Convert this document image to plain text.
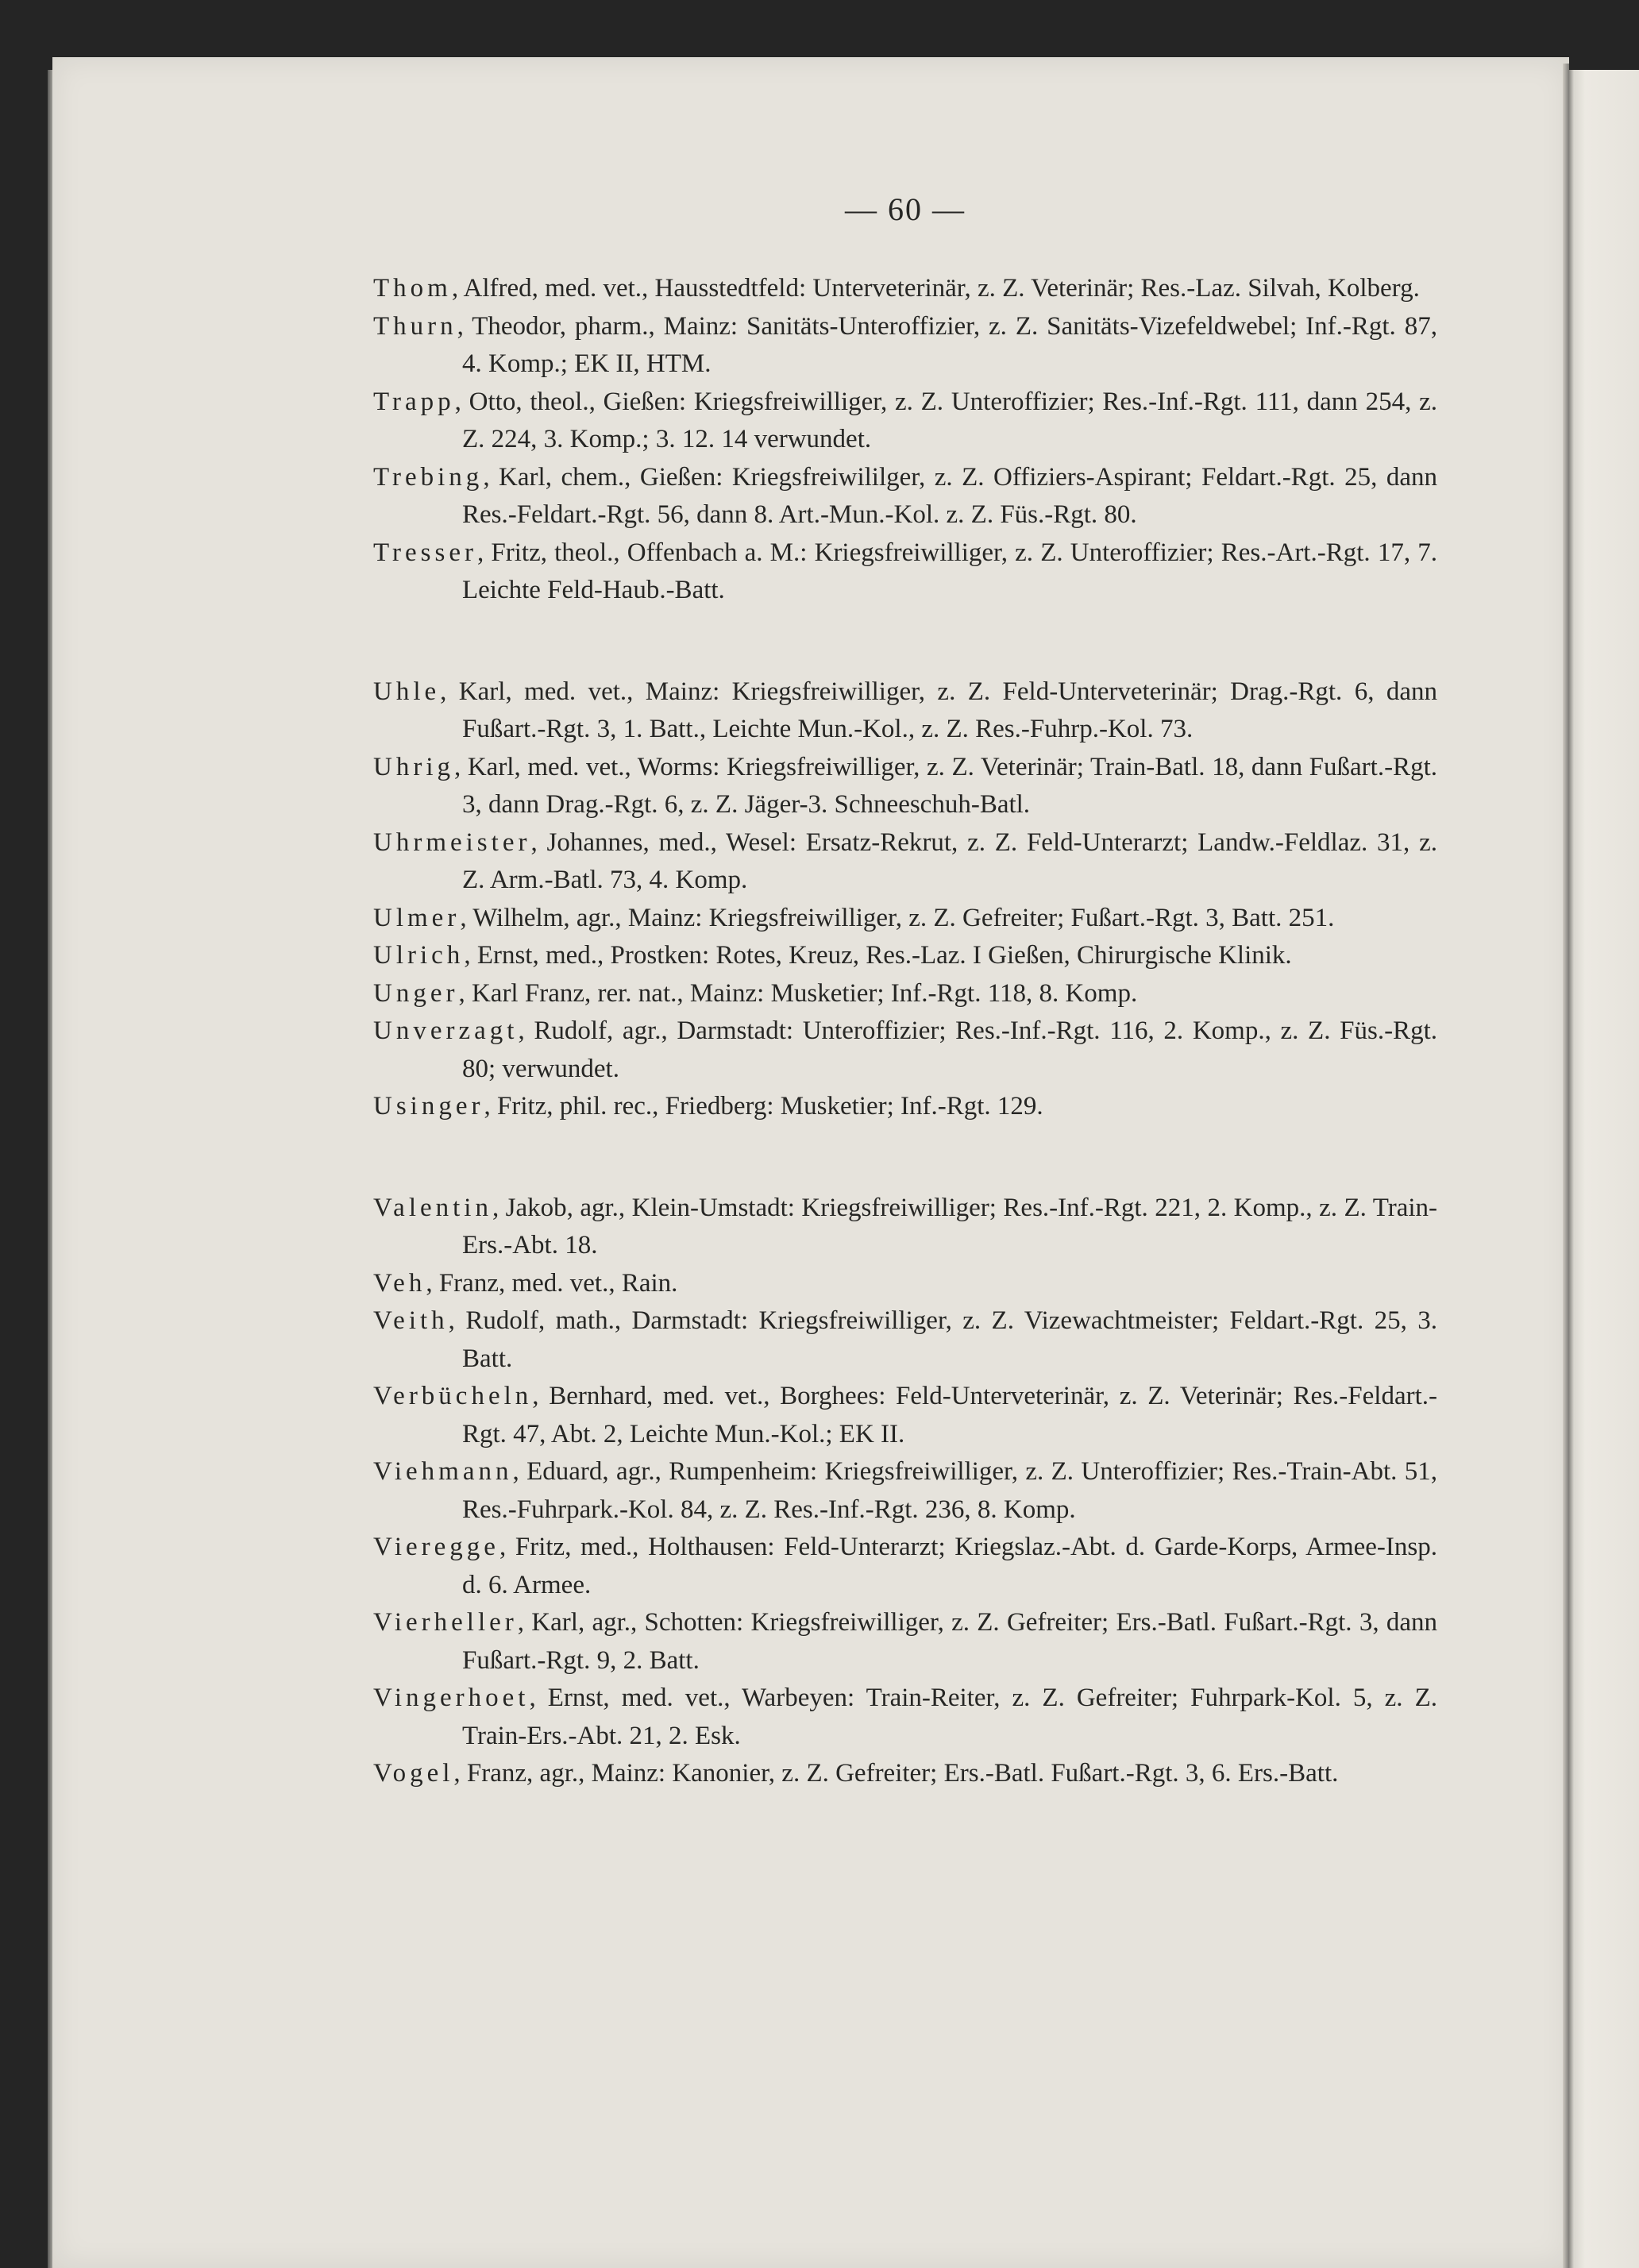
— 60 —

Thom, Alfred, med. vet., Hausstedtfeld: Unterveterinär, z. Z. Veterinär; Res.-Laz. Silvah, Kolberg.

Thurn, Theodor, pharm., Mainz: Sanitäts-Unteroffizier, z. Z. Sanitäts-Vizefeldwebel; Inf.-Rgt. 87, 4. Komp.; EK II, HTM.

Trapp, Otto, theol., Gießen: Kriegsfreiwilliger, z. Z. Unteroffizier; Res.-Inf.-Rgt. 111, dann 254, z. Z. 224, 3. Komp.; 3. 12. 14 verwundet.

Trebing, Karl, chem., Gießen: Kriegsfreiwililger, z. Z. Offiziers-Aspirant; Feldart.-Rgt. 25, dann Res.-Feldart.-Rgt. 56, dann 8. Art.-Mun.-Kol. z. Z. Füs.-Rgt. 80.

Tresser, Fritz, theol., Offenbach a. M.: Kriegsfreiwilliger, z. Z. Unteroffizier; Res.-Art.-Rgt. 17, 7. Leichte Feld-Haub.-Batt.

Uhle, Karl, med. vet., Mainz: Kriegsfreiwilliger, z. Z. Feld-Unterveterinär; Drag.-Rgt. 6, dann Fußart.-Rgt. 3, 1. Batt., Leichte Mun.-Kol., z. Z. Res.-Fuhrp.-Kol. 73.

Uhrig, Karl, med. vet., Worms: Kriegsfreiwilliger, z. Z. Veterinär; Train-Batl. 18, dann Fußart.-Rgt. 3, dann Drag.-Rgt. 6, z. Z. Jäger-3. Schneeschuh-Batl.

Uhrmeister, Johannes, med., Wesel: Ersatz-Rekrut, z. Z. Feld-Unterarzt; Landw.-Feldlaz. 31, z. Z. Arm.-Batl. 73, 4. Komp.

Ulmer, Wilhelm, agr., Mainz: Kriegsfreiwilliger, z. Z. Gefreiter; Fußart.-Rgt. 3, Batt. 251.

Ulrich, Ernst, med., Prostken: Rotes, Kreuz, Res.-Laz. I Gießen, Chirurgische Klinik.

Unger, Karl Franz, rer. nat., Mainz: Musketier; Inf.-Rgt. 118, 8. Komp.

Unverzagt, Rudolf, agr., Darmstadt: Unteroffizier; Res.-Inf.-Rgt. 116, 2. Komp., z. Z. Füs.-Rgt. 80; verwundet.

Usinger, Fritz, phil. rec., Friedberg: Musketier; Inf.-Rgt. 129.

Valentin, Jakob, agr., Klein-Umstadt: Kriegsfreiwilliger; Res.-Inf.-Rgt. 221, 2. Komp., z. Z. Train-Ers.-Abt. 18.

Veh, Franz, med. vet., Rain.

Veith, Rudolf, math., Darmstadt: Kriegsfreiwilliger, z. Z. Vizewachtmeister; Feldart.-Rgt. 25, 3. Batt.

Verbücheln, Bernhard, med. vet., Borghees: Feld-Unterveterinär, z. Z. Veterinär; Res.-Feldart.-Rgt. 47, Abt. 2, Leichte Mun.-Kol.; EK II.

Viehmann, Eduard, agr., Rumpenheim: Kriegsfreiwilliger, z. Z. Unteroffizier; Res.-Train-Abt. 51, Res.-Fuhrpark.-Kol. 84, z. Z. Res.-Inf.-Rgt. 236, 8. Komp.

Vieregge, Fritz, med., Holthausen: Feld-Unterarzt; Kriegslaz.-Abt. d. Garde-Korps, Armee-Insp. d. 6. Armee.

Vierheller, Karl, agr., Schotten: Kriegsfreiwilliger, z. Z. Gefreiter; Ers.-Batl. Fußart.-Rgt. 3, dann Fußart.-Rgt. 9, 2. Batt.

Vingerhoet, Ernst, med. vet., Warbeyen: Train-Reiter, z. Z. Gefreiter; Fuhrpark-Kol. 5, z. Z. Train-Ers.-Abt. 21, 2. Esk.

Vogel, Franz, agr., Mainz: Kanonier, z. Z. Gefreiter; Ers.-Batl. Fußart.-Rgt. 3, 6. Ers.-Batt.
